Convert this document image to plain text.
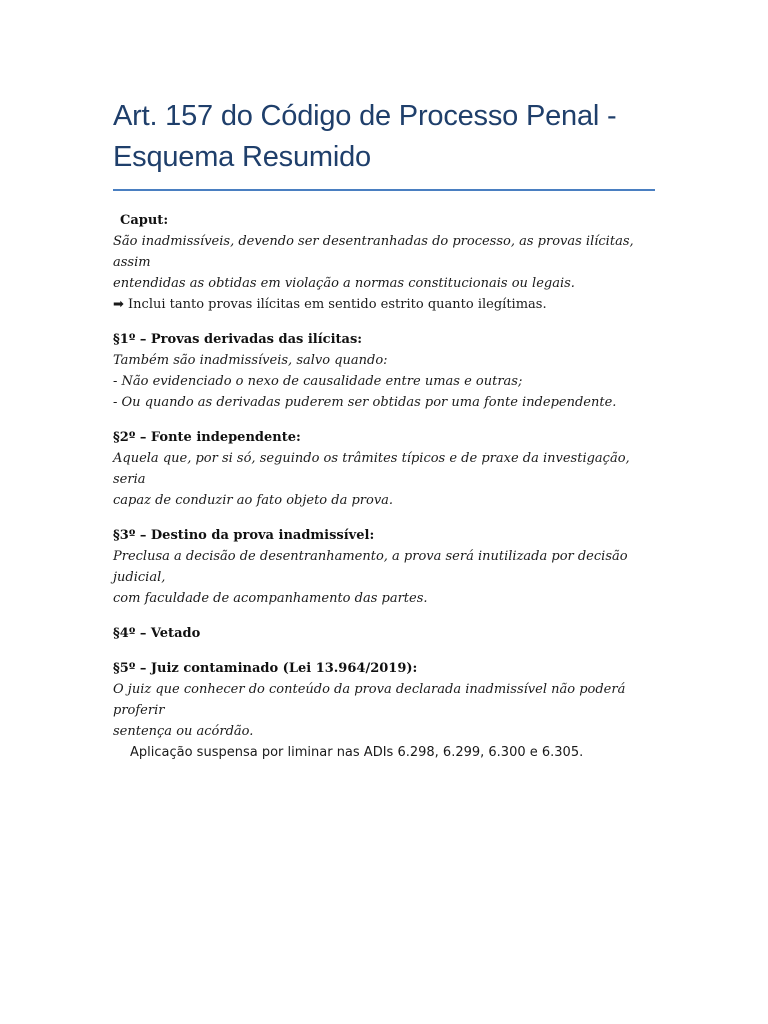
Art. 157 do Código de Processo Penal -
Esquema Resumido
Caput:
São inadmissíveis, devendo ser desentranhadas do processo, as provas ilícitas, assim
entendidas as obtidas em violação a normas constitucionais ou legais.
➡ Inclui tanto provas ilícitas em sentido estrito quanto ilegítimas.
§1º – Provas derivadas das ilícitas:
Também são inadmissíveis, salvo quando:
- Não evidenciado o nexo de causalidade entre umas e outras;
- Ou quando as derivadas puderem ser obtidas por uma fonte independente.
§2º – Fonte independente:
Aquela que, por si só, seguindo os trâmites típicos e de praxe da investigação, seria
capaz de conduzir ao fato objeto da prova.
§3º – Destino da prova inadmissível:
Preclusa a decisão de desentranhamento, a prova será inutilizada por decisão judicial,
com faculdade de acompanhamento das partes.
§4º – Vetado
§5º – Juiz contaminado (Lei 13.964/2019):
O juiz que conhecer do conteúdo da prova declarada inadmissível não poderá proferir
sentença ou acórdão.
Aplicação suspensa por liminar nas ADIs 6.298, 6.299, 6.300 e 6.305.
